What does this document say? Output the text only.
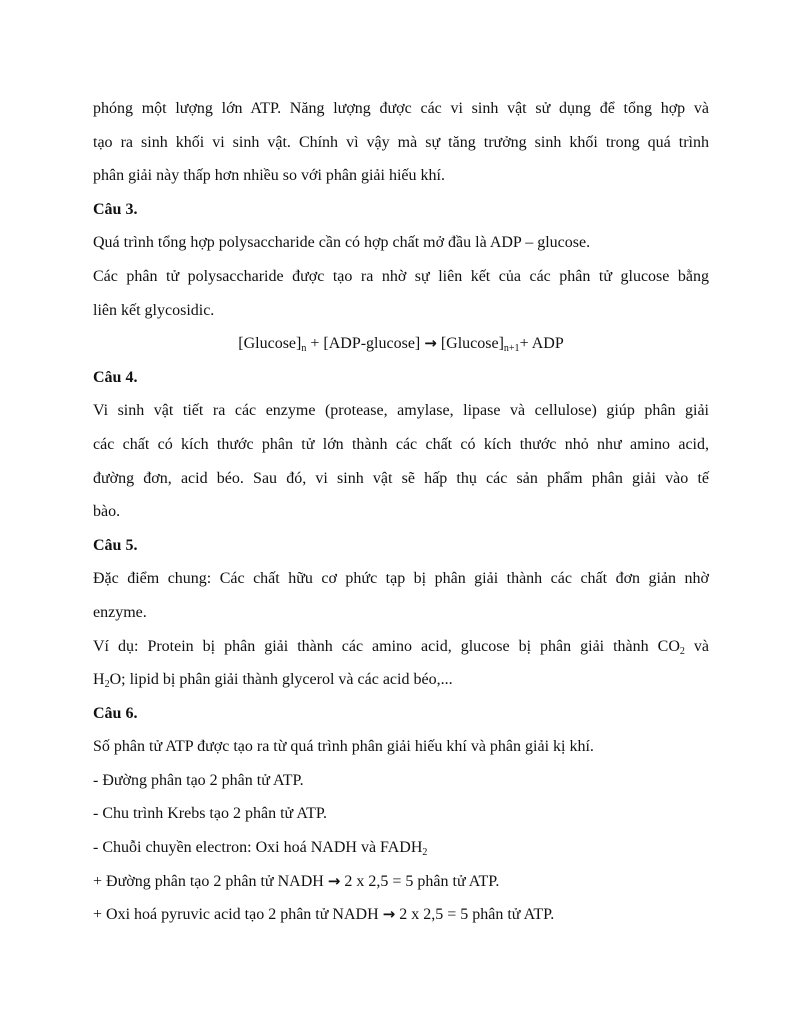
phóng một lượng lớn ATP. Năng lượng được các vi sinh vật sử dụng để tổng hợp và

tạo ra sinh khối vi sinh vật. Chính vì vậy mà sự tăng trưởng sinh khối trong quá trình

phân giải này thấp hơn nhiều so với phân giải hiếu khí.

Câu 3.

Quá trình tổng hợp polysaccharide cần có hợp chất mở đầu là ADP – glucose.

Các phân tử polysaccharide được tạo ra nhờ sự liên kết của các phân tử glucose bằng

liên kết glycosidic.

$[Glucose]_n + [ADP-glucose] \to [Glucose]_{n+1}+$ ADP

Câu 4.

Vi sinh vật tiết ra các enzyme (protease, amylase, lipase và cellulose) giúp phân giải

các chất có kích thước phân tử lớn thành các chất có kích thước nhỏ như amino acid,

đường đơn, acid béo. Sau đó, vi sinh vật sẽ hấp thụ các sản phẩm phân giải vào tế

bào.

Câu 5.

Đặc điểm chung: Các chất hữu cơ phức tạp bị phân giải thành các chất đơn giản nhờ

enzyme.

Ví dụ: Protein bị phân giải thành các amino acid, glucose bị phân giải thành $CO_2$ và

$H_2O$; lipid bị phân giải thành glycerol và các acid béo,...

Câu 6.

Số phân tử ATP được tạo ra từ quá trình phân giải hiếu khí và phân giải kị khí.

- Đường phân tạo 2 phân tử ATP.

- Chu trình Krebs tạo 2 phân tử ATP.

- Chuỗi chuyền electron: Oxi hoá NADH và $FADH_2$

+ Đường phân tạo 2 phân tử NADH → 2 x 2,5 = 5 phân tử ATP.

+ Oxi hoá pyruvic acid tạo 2 phân tử NADH → 2 x 2,5 = 5 phân tử ATP.
